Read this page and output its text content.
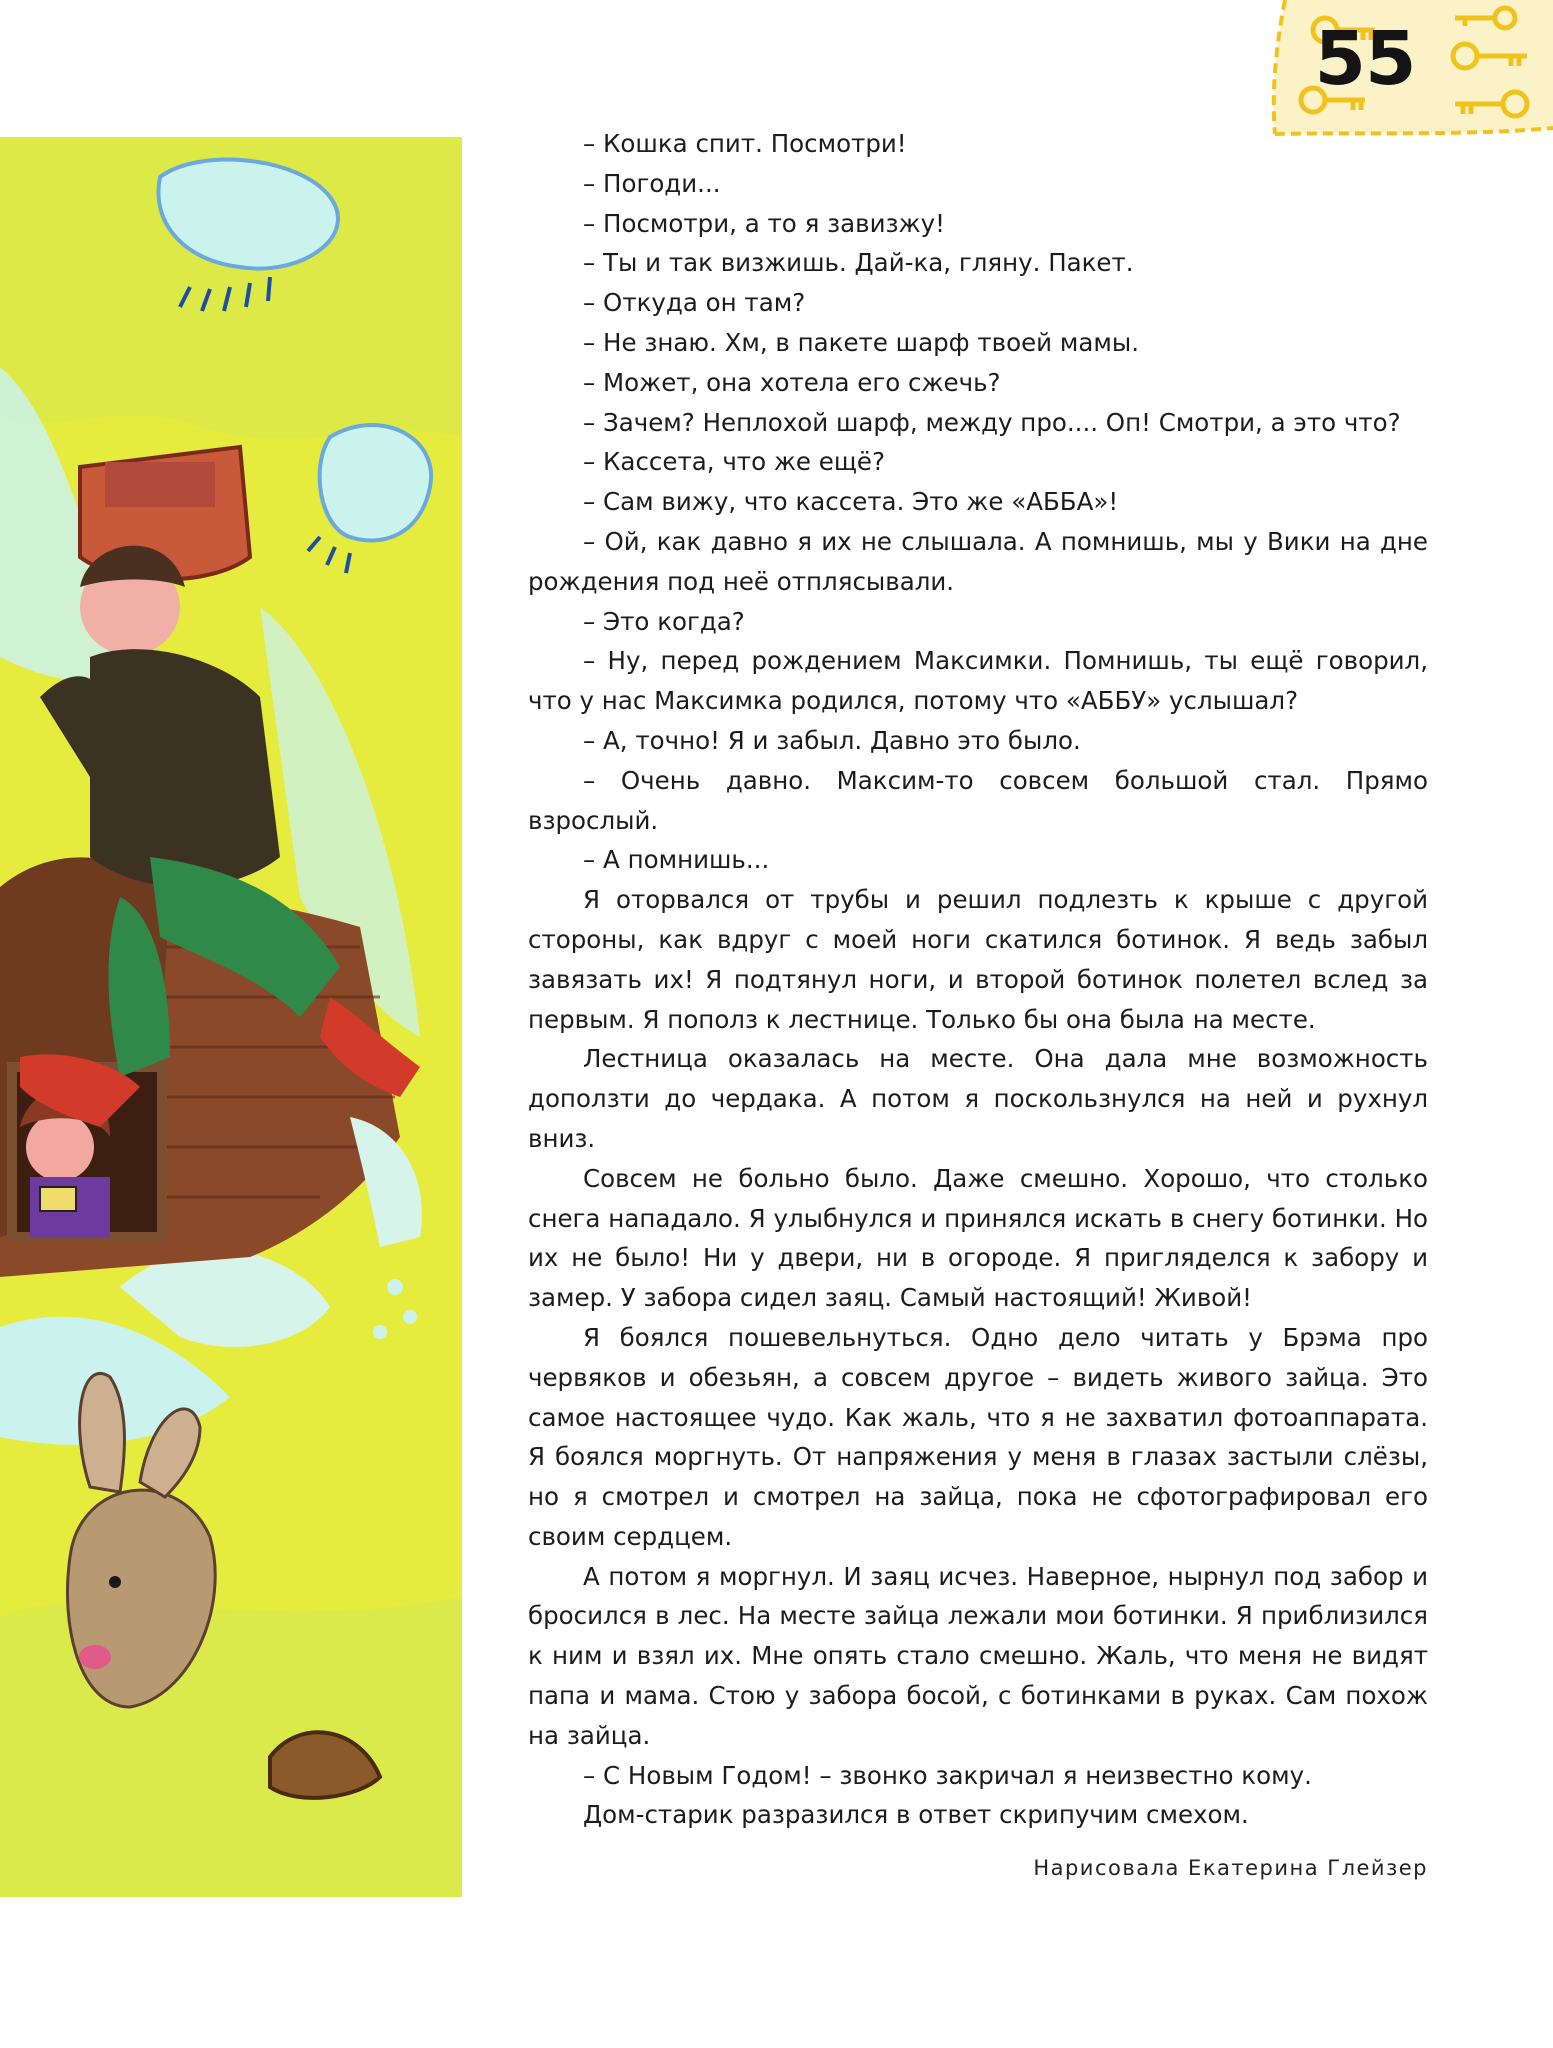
55

– Кошка спит. Посмотри!

– Погоди...

– Посмотри, а то я завизжу!

– Ты и так визжишь. Дай-ка, гляну. Пакет.

– Откуда он там?

– Не знаю. Хм, в пакете шарф твоей мамы.

– Может, она хотела его сжечь?

– Зачем? Неплохой шарф, между про.... Оп! Смотри, а это что?

– Кассета, что же ещё?

– Сам вижу, что кассета. Это же «АББА»!

– Ой, как давно я их не слышала. А помнишь, мы у Вики на дне рождения под неё отплясывали.

– Это когда?

– Ну, перед рождением Максимки. Помнишь, ты ещё говорил, что у нас Максимка родился, потому что «АББУ» услышал?

– А, точно! Я и забыл. Давно это было.

– Очень давно. Максим-то совсем большой стал. Прямо взрослый.

– А помнишь...

Я оторвался от трубы и решил подлезть к крыше с другой стороны, как вдруг с моей ноги скатился ботинок. Я ведь забыл завязать их! Я подтянул ноги, и второй ботинок полетел вслед за первым. Я пополз к лестнице. Только бы она была на месте.

Лестница оказалась на месте. Она дала мне возможность доползти до чердака. А потом я поскользнулся на ней и рухнул вниз.

Совсем не больно было. Даже смешно. Хорошо, что столько снега нападало. Я улыбнулся и принялся искать в снегу ботинки. Но их не было! Ни у двери, ни в огороде. Я пригляделся к забору и замер. У забора сидел заяц. Самый настоящий! Живой!

Я боялся пошевельнуться. Одно дело читать у Брэма про червяков и обезьян, а совсем другое – видеть живого зайца. Это самое настоящее чудо. Как жаль, что я не захватил фотоаппарата. Я боялся моргнуть. От напряжения у меня в глазах застыли слёзы, но я смотрел и смотрел на зайца, пока не сфотографировал его своим сердцем.

А потом я моргнул. И заяц исчез. Наверное, нырнул под забор и бросился в лес. На месте зайца лежали мои ботинки. Я приблизился к ним и взял их. Мне опять стало смешно. Жаль, что меня не видят папа и мама. Стою у забора босой, с ботинками в руках. Сам похож на зайца.

– С Новым Годом! – звонко закричал я неизвестно кому.

Дом-старик разразился в ответ скрипучим смехом.

Нарисовала Екатерина Глейзер
